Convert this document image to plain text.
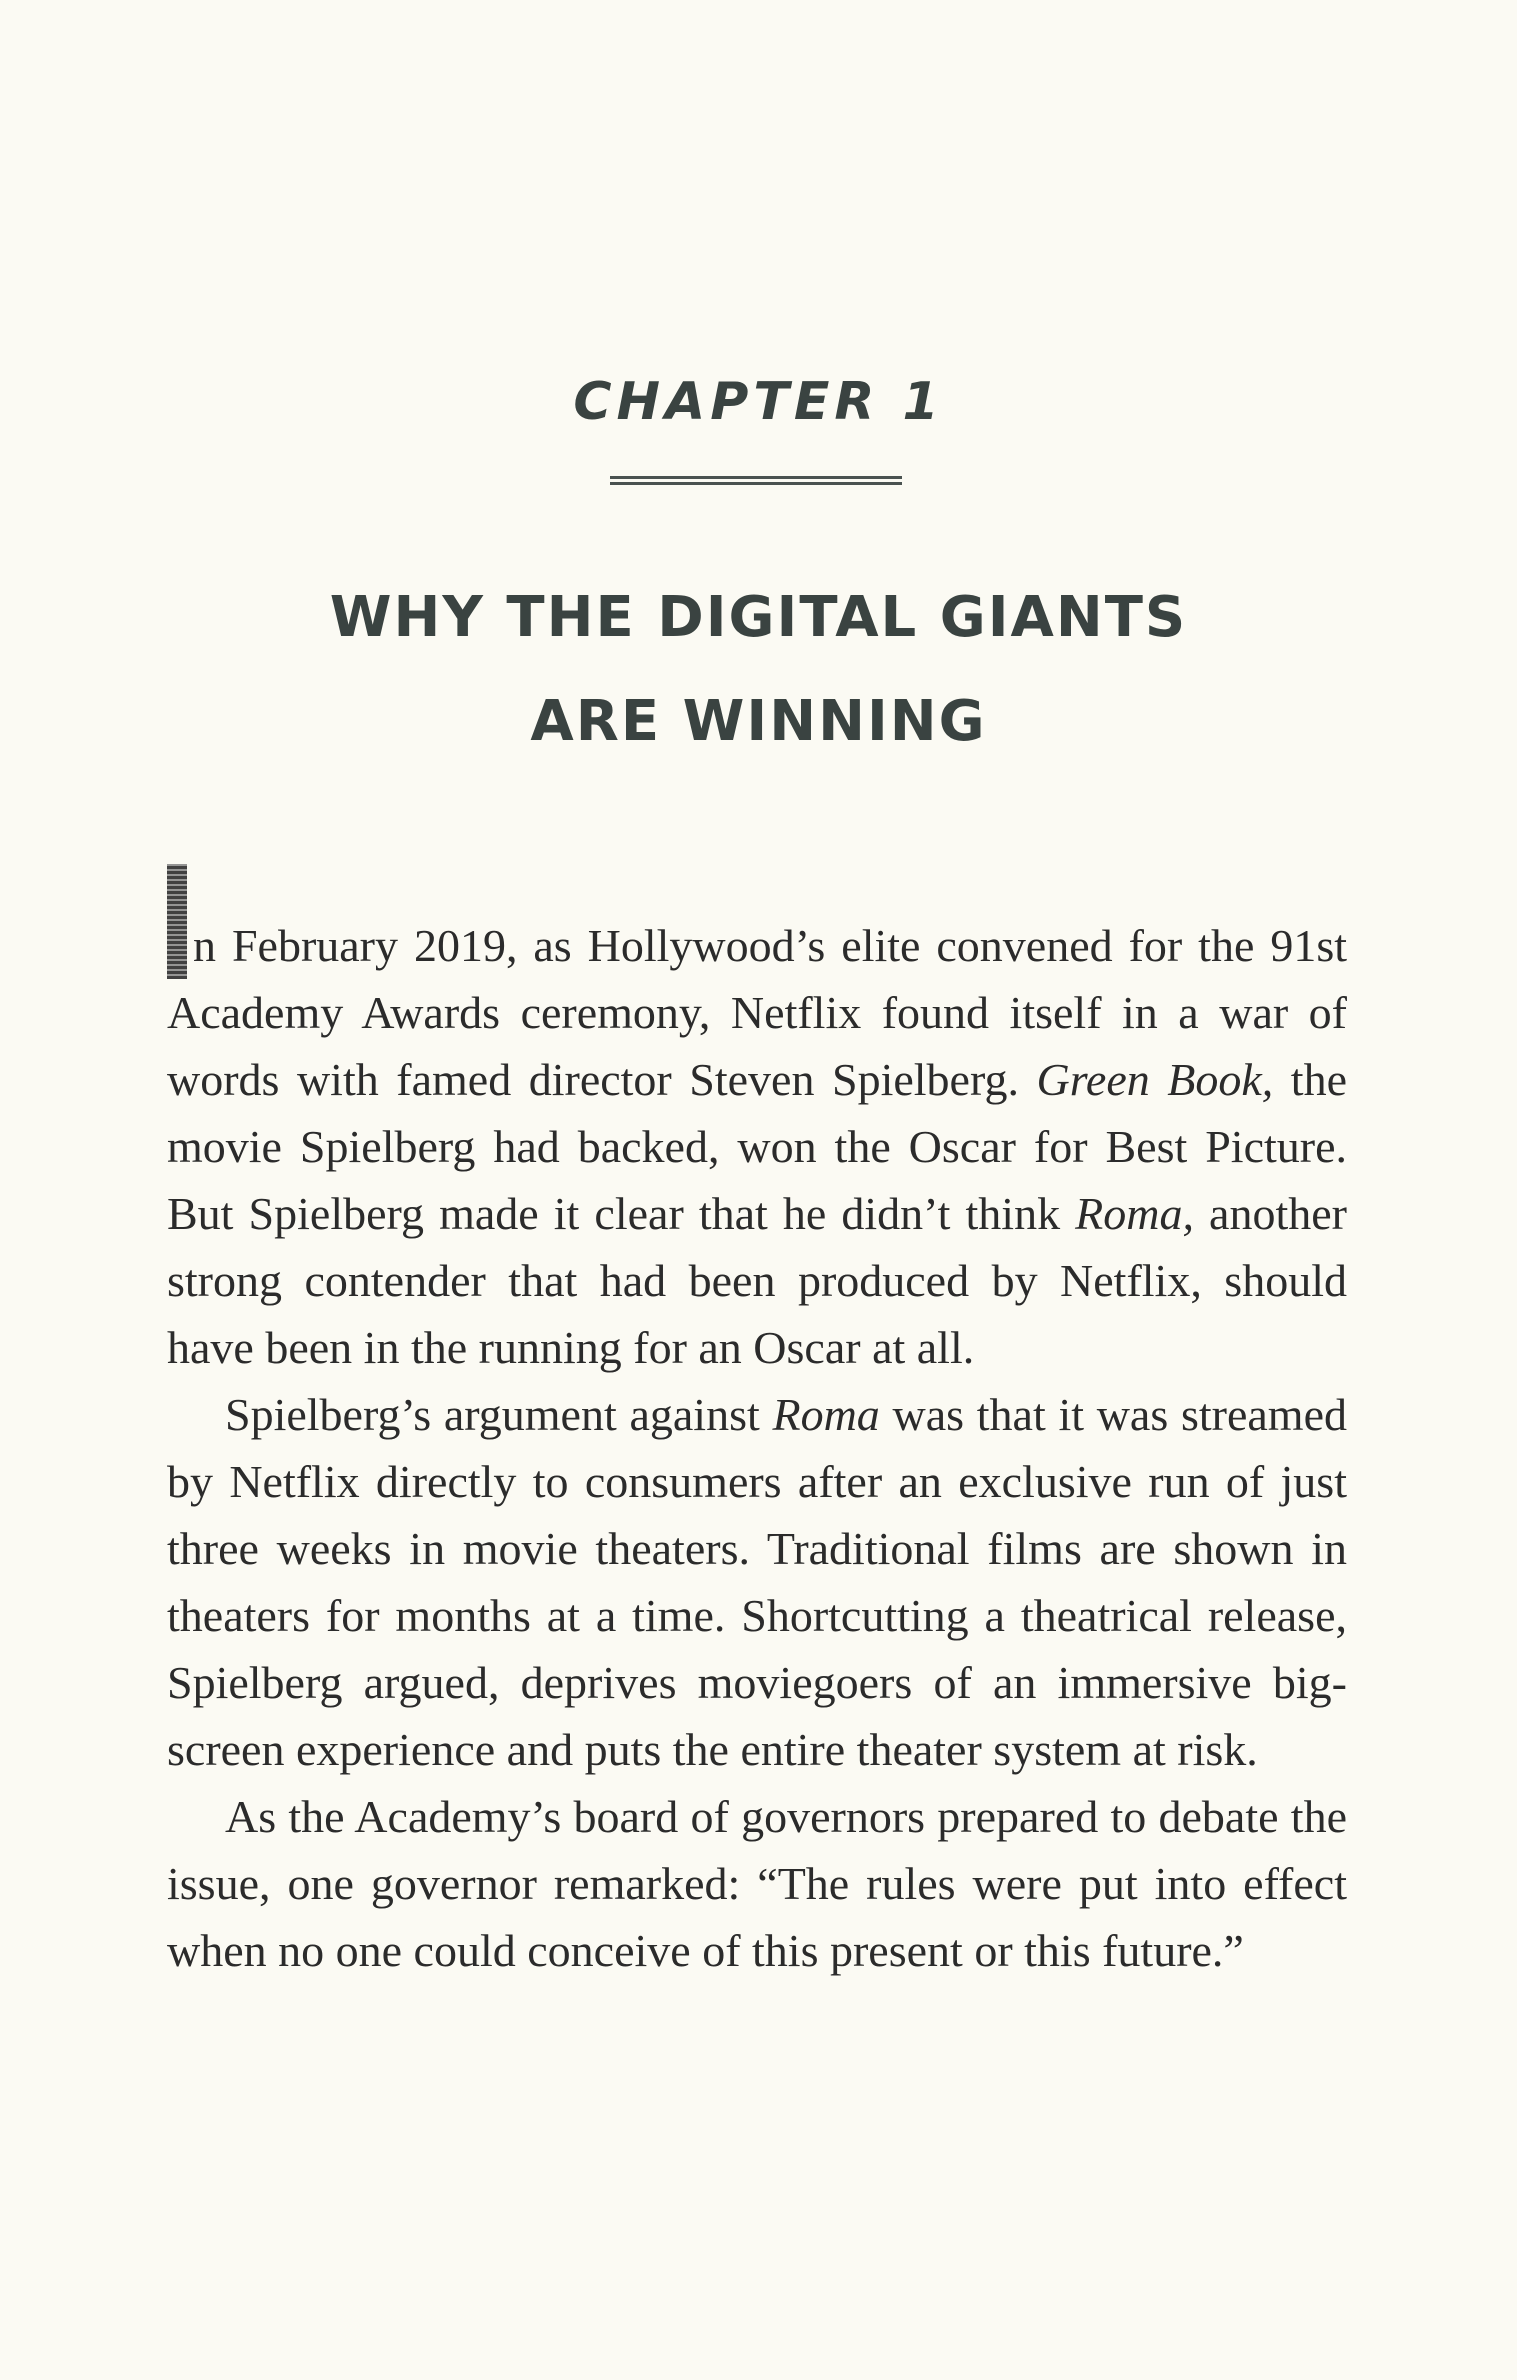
CHAPTER 1
WHY THE DIGITAL GIANTS
ARE WINNING

n February 2019, as Hollywood’s elite convened for the 91st Academy Awards ceremony, Netflix found itself in a war of words with famed director Steven Spielberg. Green Book, the movie Spielberg had backed, won the Oscar for Best Picture. But Spielberg made it clear that he didn’t think Roma, another strong contender that had been produced by Netflix, should have been in the running for an Oscar at all.

Spielberg’s argument against Roma was that it was streamed by Netflix directly to consumers after an exclusive run of just three weeks in movie theaters. Traditional films are shown in theaters for months at a time. Shortcutting a theatrical release, Spielberg argued, deprives moviegoers of an immersive big-screen experience and puts the entire theater system at risk.

As the Academy’s board of governors prepared to debate the issue, one governor remarked: “The rules were put into effect when no one could conceive of this present or this future.”
